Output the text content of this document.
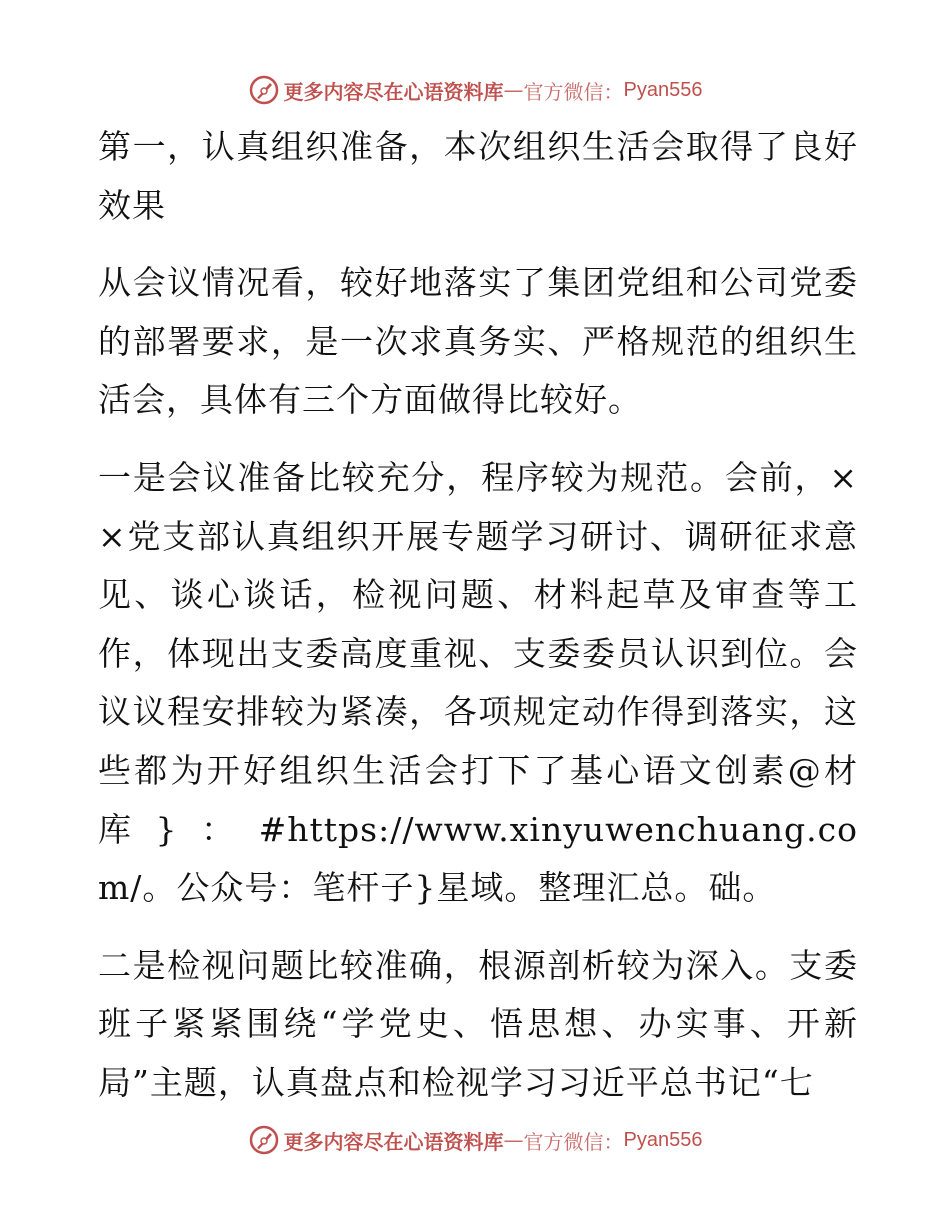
更多内容尽在心语资料库 — 官方微信： Pyan556

第一，认真组织准备，本次组织生活会取得了良好效果

从会议情况看，较好地落实了集团党组和公司党委的部署要求，是一次求真务实、严格规范的组织生活会，具体有三个方面做得比较好。

一是会议准备比较充分，程序较为规范。会前，××党支部认真组织开展专题学习研讨、调研征求意见、谈心谈话，检视问题、材料起草及审查等工作，体现出支委高度重视、支委委员认识到位。会议议程安排较为紧凑，各项规定动作得到落实，这些都为开好组织生活会打下了基心语文创素@材库}：#https://www.xinyuwenchuang.com/。公众号：笔杆子}星域。整理汇总。础。

二是检视问题比较准确，根源剖析较为深入。支委班子紧紧围绕“学党史、悟思想、办实事、开新局”主题，认真盘点和检视学习习近平总书记“七

更多内容尽在心语资料库 — 官方微信： Pyan556
